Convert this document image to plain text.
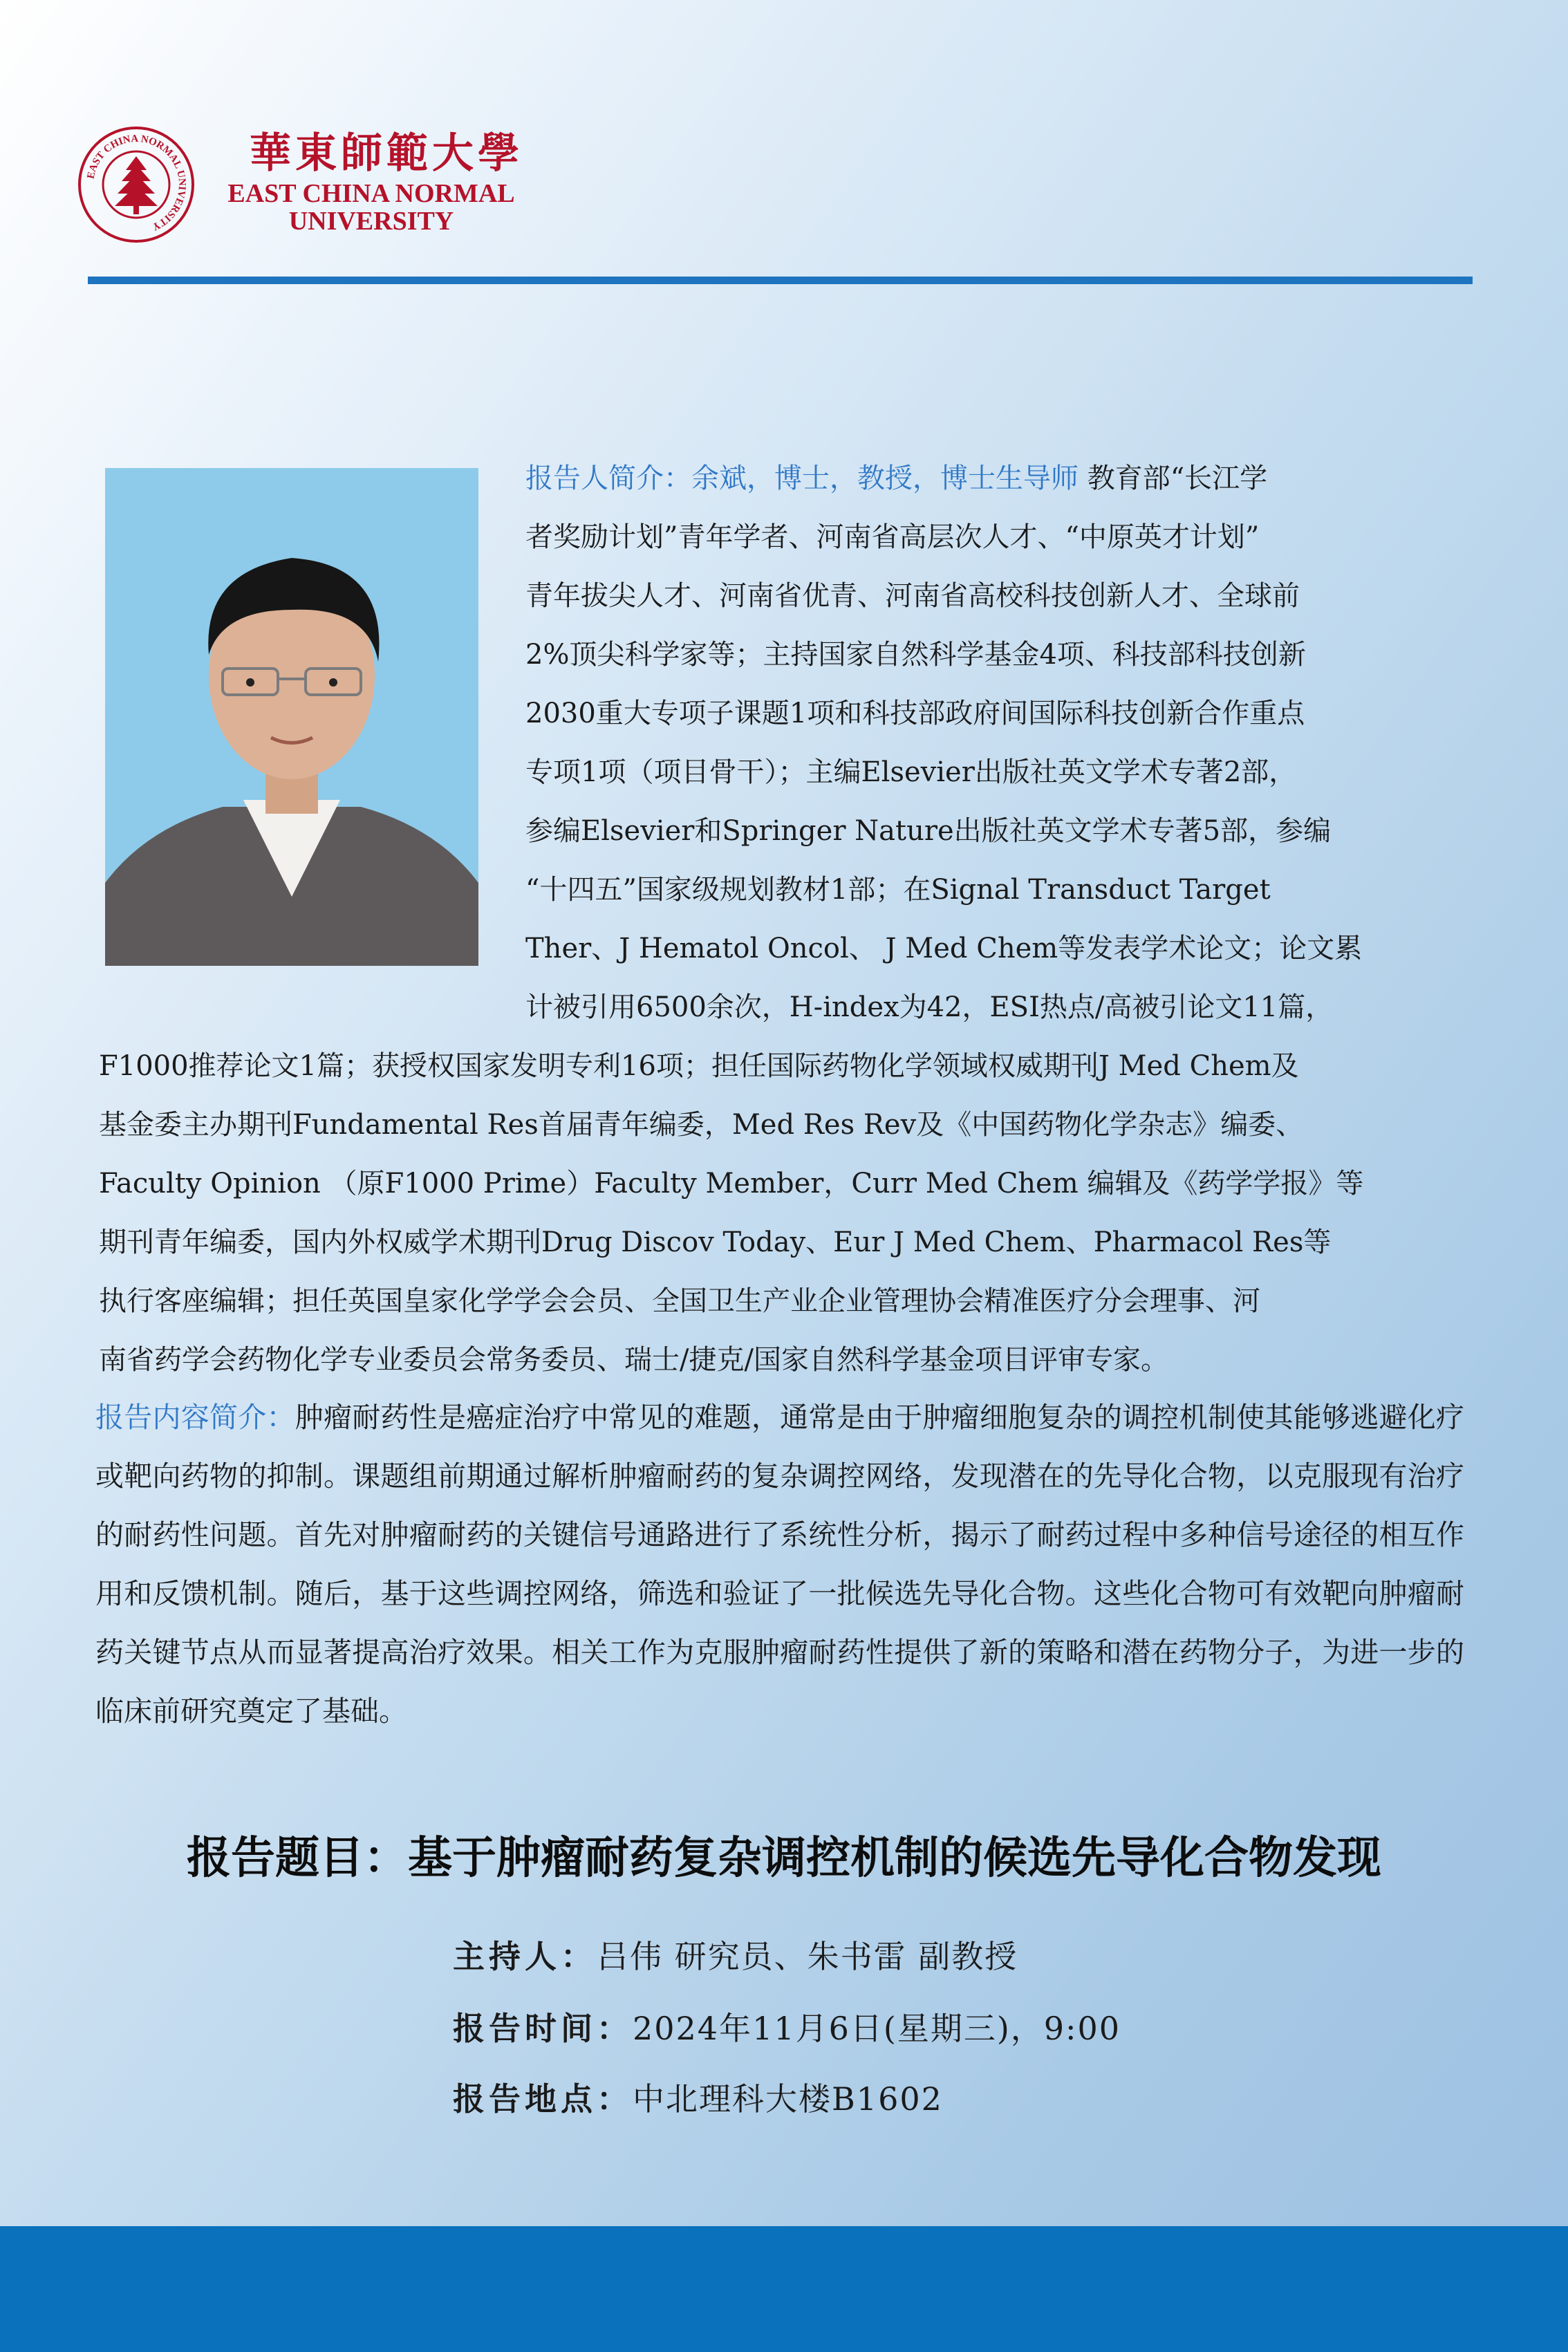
EAST CHINA NORMAL UNIVERSITY
華東師範大學
EAST CHINA NORMAL
UNIVERSITY
报告人简介：余斌，博士，教授，博士生导师 教育部“长江学
者奖励计划”青年学者、河南省高层次人才、“中原英才计划”
青年拔尖人才、河南省优青、河南省高校科技创新人才、全球前
2%顶尖科学家等；主持国家自然科学基金4项、科技部科技创新
2030重大专项子课题1项和科技部政府间国际科技创新合作重点
专项1项（项目骨干）；主编Elsevier出版社英文学术专著2部，
参编Elsevier和Springer Nature出版社英文学术专著5部，参编
“十四五”国家级规划教材1部；在Signal Transduct Target
Ther、J Hematol Oncol、 J Med Chem等发表学术论文；论文累
计被引用6500余次，H-index为42，ESI热点/高被引论文11篇，
F1000推荐论文1篇；获授权国家发明专利16项；担任国际药物化学领域权威期刊J Med Chem及
基金委主办期刊Fundamental Res首届青年编委，Med Res Rev及《中国药物化学杂志》编委、
Faculty Opinion （原F1000 Prime）Faculty Member，Curr Med Chem 编辑及《药学学报》等
期刊青年编委，国内外权威学术期刊Drug Discov Today、Eur J Med Chem、Pharmacol Res等
执行客座编辑；担任英国皇家化学学会会员、全国卫生产业企业管理协会精准医疗分会理事、河
南省药学会药物化学专业委员会常务委员、瑞士/捷克/国家自然科学基金项目评审专家。
报告内容简介：肿瘤耐药性是癌症治疗中常见的难题，通常是由于肿瘤细胞复杂的调控机制使其能够逃避化疗或靶向药物的抑制。课题组前期通过解析肿瘤耐药的复杂调控网络，发现潜在的先导化合物，以克服现有治疗的耐药性问题。首先对肿瘤耐药的关键信号通路进行了系统性分析，揭示了耐药过程中多种信号途径的相互作用和反馈机制。随后，基于这些调控网络，筛选和验证了一批候选先导化合物。这些化合物可有效靶向肿瘤耐药关键节点从而显著提高治疗效果。相关工作为克服肿瘤耐药性提供了新的策略和潜在药物分子，为进一步的临床前研究奠定了基础。
报告题目：基于肿瘤耐药复杂调控机制的候选先导化合物发现
主持人：吕伟 研究员、朱书雷 副教授
报告时间：2024年11月6日(星期三)，9:00
报告地点：中北理科大楼B1602
